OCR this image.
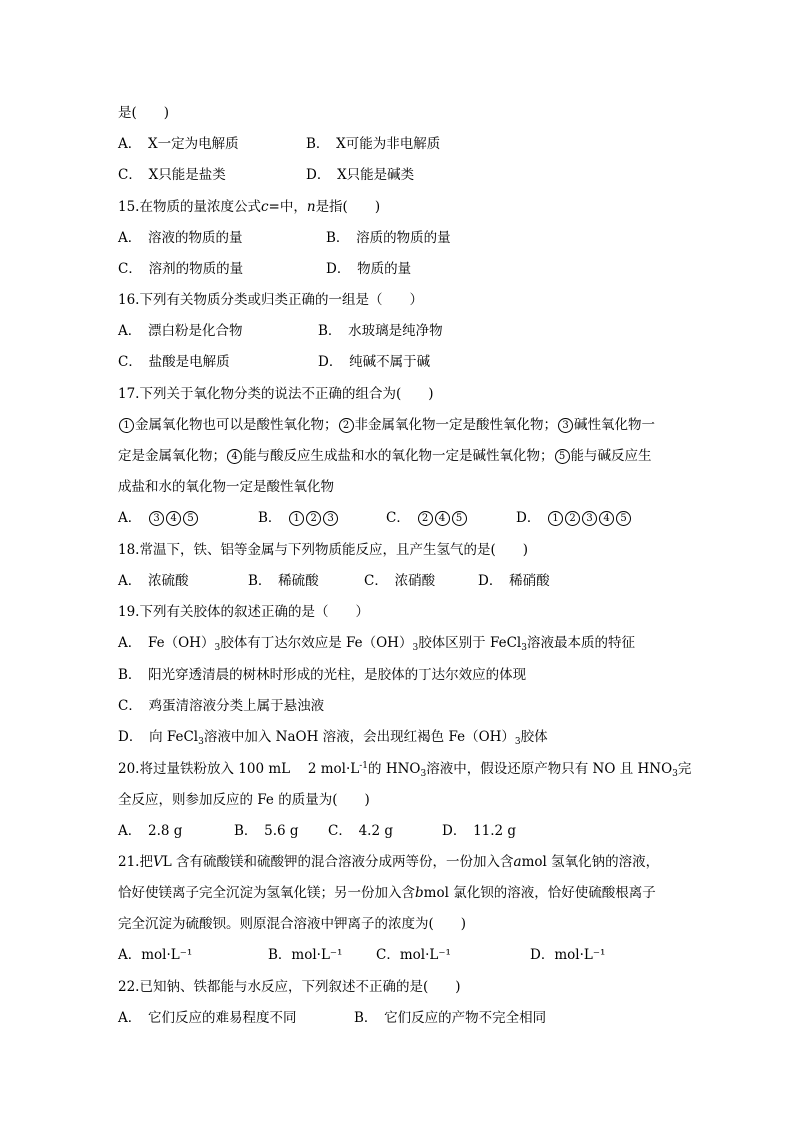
是(　　)
A．　X一定为电解质	B．　X可能为非电解质
C．　X只能是盐类	D．　X只能是碱类
15.在物质的量浓度公式c=中，n是指(　　)
A．　溶液的物质的量	B．　溶质的物质的量
C．　溶剂的物质的量	D．　物质的量
16.下列有关物质分类或归类正确的一组是（　　）
A．　漂白粉是化合物	B．　水玻璃是纯净物
C．　盐酸是电解质	D．　纯碱不属于碱
17.下列关于氧化物分类的说法不正确的组合为(　　)
1 金属氧化物也可以是酸性氧化物； 2 非金属氧化物一定是酸性氧化物； 3 碱性氧化物一
定是金属氧化物； 4 能与酸反应生成盐和水的氧化物一定是碱性氧化物； 5 能与碱反应生
成盐和水的氧化物一定是酸性氧化物
A．　3 4 5	B．　1 2 3	C．　2 4 5	D．　1 2 3 4 5
18.常温下，铁、铝等金属与下列物质能反应，且产生氢气的是(　　)
A．　浓硫酸	B．　稀硫酸	C．　浓硝酸	D．　稀硝酸
19.下列有关胶体的叙述正确的是（　　）
A．　$Fe(OH)_3$胶体有丁达尔效应是 $Fe(OH)_3$胶体区别于 FeCl$_3$溶液最本质的特征
B．　阳光穿透清晨的树林时形成的光柱，是胶体的丁达尔效应的体现
C．　鸡蛋清溶液分类上属于悬浊液
D．　向 FeCl$_3$溶液中加入 NaOH 溶液，会出现红褐色 $Fe(OH)_3$胶体
20.将过量铁粉放入 100 mL　 2 $mol\cdot L^{-1}$的 $HNO_3$溶液中，假设还原产物只有 NO 且 $HNO_3$完
全反应，则参加反应的 Fe 的质量为(　　)
A．　2.8 g	B．　5.6 g C．　4.2 g	D．　11.2 g
21.把VL 含有硫酸镁和硫酸钾的混合溶液分成两等份，一份加入含amol 氢氧化钠的溶液，
恰好使镁离子完全沉淀为氢氧化镁；另一份加入含bmol 氯化钡的溶液，恰好使硫酸根离子
完全沉淀为硫酸钡。则原混合溶液中钾离子的浓度为(　　)
A．mol·L⁻¹	B．mol·L⁻¹ C．mol·L⁻¹	D．mol·L⁻¹
22.已知钠、铁都能与水反应，下列叙述不正确的是(　　)
A．　它们反应的难易程度不同	B．　它们反应的产物不完全相同
